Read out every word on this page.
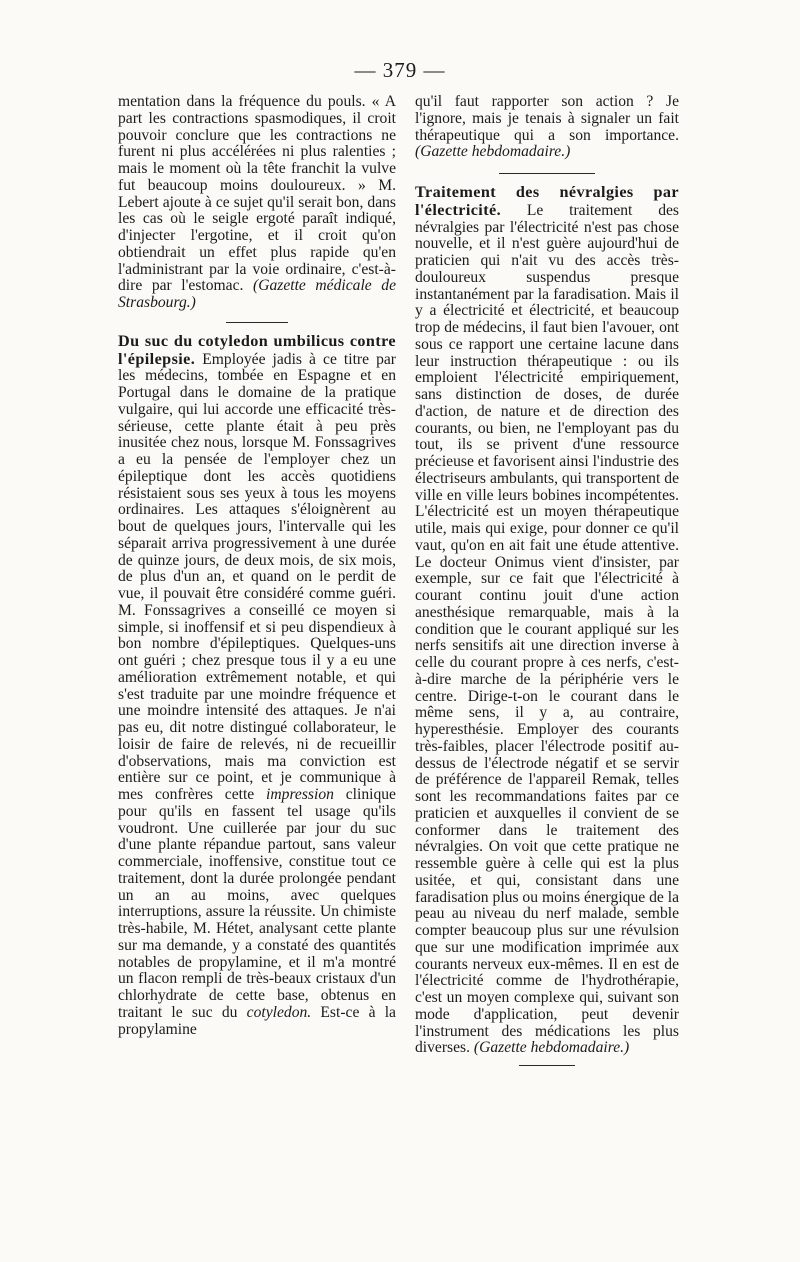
— 379 —

mentation dans la fréquence du pouls. « A part les contractions spasmodiques, il croit pouvoir conclure que les contractions ne furent ni plus accélérées ni plus ralenties ; mais le moment où la tête franchit la vulve fut beaucoup moins douloureux. » M. Lebert ajoute à ce sujet qu'il serait bon, dans les cas où le seigle ergoté paraît indiqué, d'injecter l'ergotine, et il croit qu'on obtiendrait un effet plus rapide qu'en l'administrant par la voie ordinaire, c'est-à-dire par l'estomac. (Gazette médicale de Strasbourg.)

Du suc du cotyledon umbilicus contre l'épilepsie. Employée jadis à ce titre par les médecins, tombée en Espagne et en Portugal dans le domaine de la pratique vulgaire, qui lui accorde une efficacité très-sérieuse, cette plante était à peu près inusitée chez nous, lorsque M. Fonssagrives a eu la pensée de l'employer chez un épileptique dont les accès quotidiens résistaient sous ses yeux à tous les moyens ordinaires. Les attaques s'éloignèrent au bout de quelques jours, l'intervalle qui les séparait arriva progressivement à une durée de quinze jours, de deux mois, de six mois, de plus d'un an, et quand on le perdit de vue, il pouvait être considéré comme guéri. M. Fonssagrives a conseillé ce moyen si simple, si inoffensif et si peu dispendieux à bon nombre d'épileptiques. Quelques-uns ont guéri ; chez presque tous il y a eu une amélioration extrêmement notable, et qui s'est traduite par une moindre fréquence et une moindre intensité des attaques. Je n'ai pas eu, dit notre distingué collaborateur, le loisir de faire de relevés, ni de recueillir d'observations, mais ma conviction est entière sur ce point, et je communique à mes confrères cette impression clinique pour qu'ils en fassent tel usage qu'ils voudront. Une cuillerée par jour du suc d'une plante répandue partout, sans valeur commerciale, inoffensive, constitue tout ce traitement, dont la durée prolongée pendant un an au moins, avec quelques interruptions, assure la réussite. Un chimiste très-habile, M. Hétet, analysant cette plante sur ma demande, y a constaté des quantités notables de propylamine, et il m'a montré un flacon rempli de très-beaux cristaux d'un chlorhydrate de cette base, obtenus en traitant le suc du cotyledon. Est-ce à la propylamine

qu'il faut rapporter son action ? Je l'ignore, mais je tenais à signaler un fait thérapeutique qui a son importance. (Gazette hebdomadaire.)

Traitement des névralgies par l'électricité. Le traitement des névralgies par l'électricité n'est pas chose nouvelle, et il n'est guère aujourd'hui de praticien qui n'ait vu des accès très-douloureux suspendus presque instantanément par la faradisation. Mais il y a électricité et électricité, et beaucoup trop de médecins, il faut bien l'avouer, ont sous ce rapport une certaine lacune dans leur instruction thérapeutique : ou ils emploient l'électricité empiriquement, sans distinction de doses, de durée d'action, de nature et de direction des courants, ou bien, ne l'employant pas du tout, ils se privent d'une ressource précieuse et favorisent ainsi l'industrie des électriseurs ambulants, qui transportent de ville en ville leurs bobines incompétentes. L'électricité est un moyen thérapeutique utile, mais qui exige, pour donner ce qu'il vaut, qu'on en ait fait une étude attentive. Le docteur Onimus vient d'insister, par exemple, sur ce fait que l'électricité à courant continu jouit d'une action anesthésique remarquable, mais à la condition que le courant appliqué sur les nerfs sensitifs ait une direction inverse à celle du courant propre à ces nerfs, c'est-à-dire marche de la périphérie vers le centre. Dirige-t-on le courant dans le même sens, il y a, au contraire, hyperesthésie. Employer des courants très-faibles, placer l'électrode positif au-dessus de l'électrode négatif et se servir de préférence de l'appareil Remak, telles sont les recommandations faites par ce praticien et auxquelles il convient de se conformer dans le traitement des névralgies. On voit que cette pratique ne ressemble guère à celle qui est la plus usitée, et qui, consistant dans une faradisation plus ou moins énergique de la peau au niveau du nerf malade, semble compter beaucoup plus sur une révulsion que sur une modification imprimée aux courants nerveux eux-mêmes. Il en est de l'électricité comme de l'hydrothérapie, c'est un moyen complexe qui, suivant son mode d'application, peut devenir l'instrument des médications les plus diverses. (Gazette hebdomadaire.)
